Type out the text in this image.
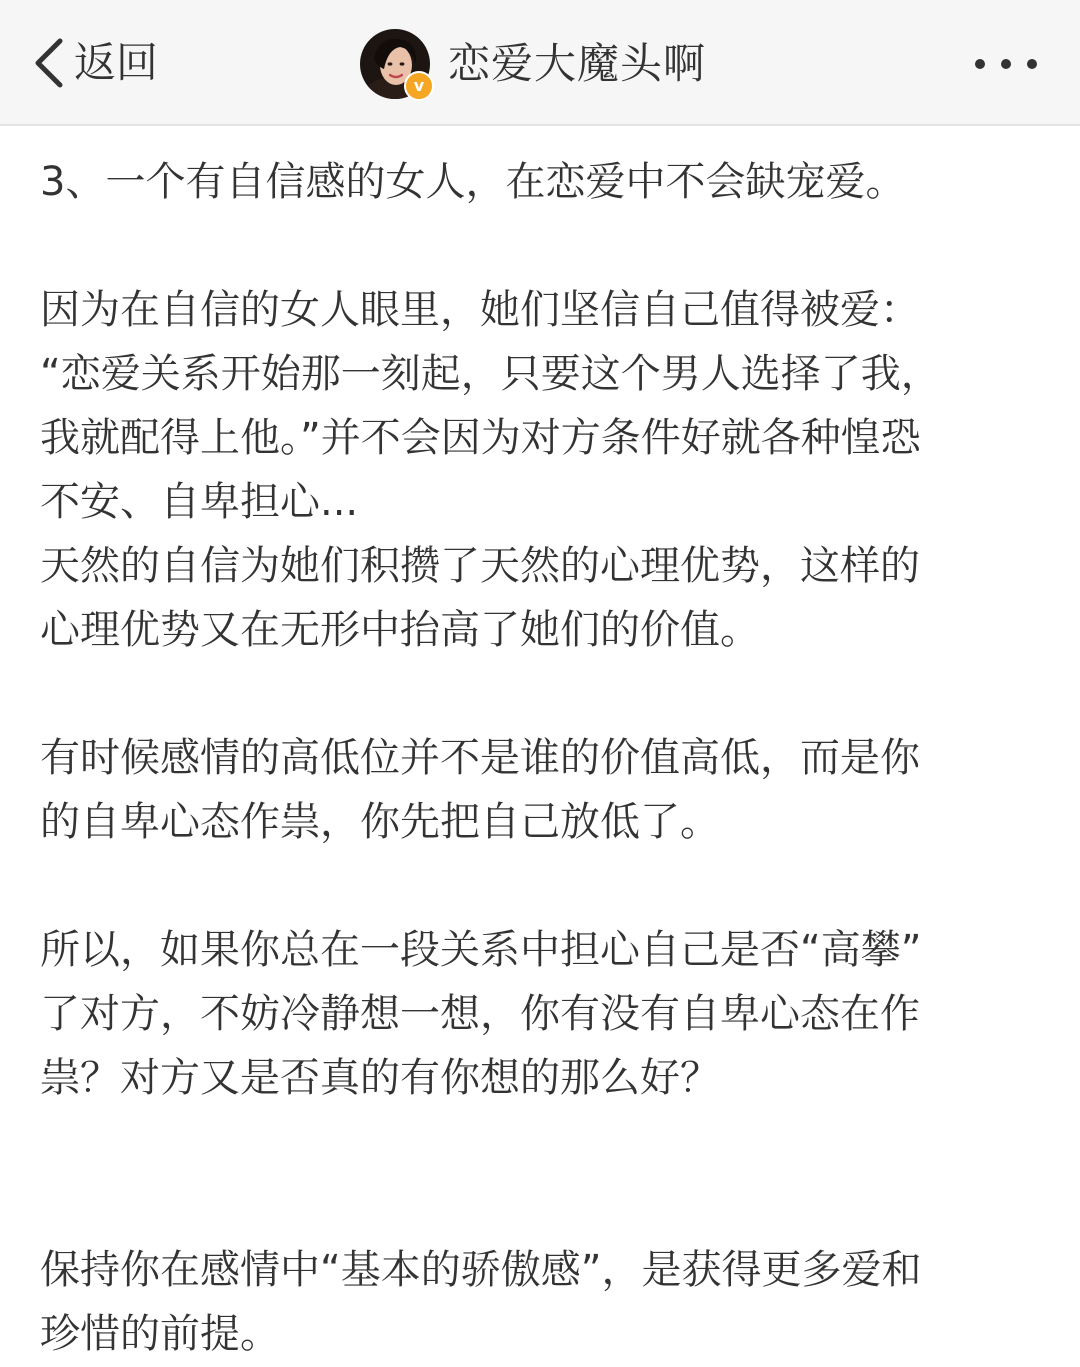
返回	v 恋爱大魔头啊
3、一个有自信感的女人，在恋爱中不会缺宠爱。
因为在自信的女人眼里，她们坚信自己值得被爱：
“恋爱关系开始那一刻起，只要这个男人选择了我，
我就配得上他。”并不会因为对方条件好就各种惶恐
不安、自卑担心...
天然的自信为她们积攒了天然的心理优势，这样的
心理优势又在无形中抬高了她们的价值。
有时候感情的高低位并不是谁的价值高低，而是你
的自卑心态作祟，你先把自己放低了。
所以，如果你总在一段关系中担心自己是否“高攀”
了对方，不妨冷静想一想，你有没有自卑心态在作
祟？对方又是否真的有你想的那么好？
保持你在感情中“基本的骄傲感”，是获得更多爱和
珍惜的前提。
